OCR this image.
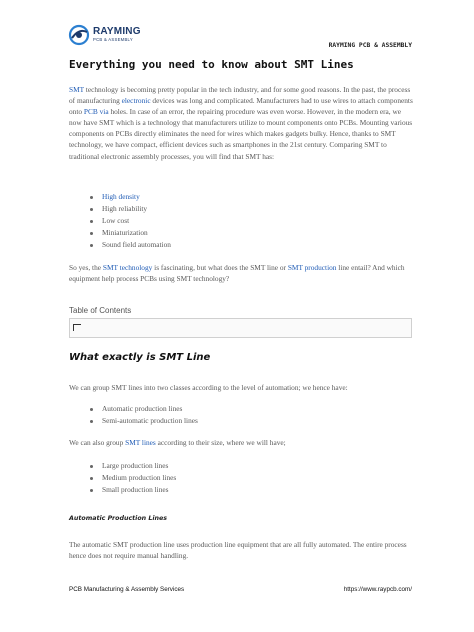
RAYMING
PCB & ASSEMBLY
RAYMING PCB & ASSEMBLY
Everything you need to know about SMT Lines
SMT technology is becoming pretty popular in the tech industry, and for some good reasons. In the past, the process of manufacturing electronic devices was long and complicated. Manufacturers had to use wires to attach components onto PCB via holes. In case of an error, the repairing procedure was even worse. However, in the modern era, we now have SMT which is a technology that manufacturers utilize to mount components onto PCBs. Mounting various components on PCBs directly eliminates the need for wires which makes gadgets bulky. Hence, thanks to SMT technology, we have compact, efficient devices such as smartphones in the 21st century. Comparing SMT to traditional electronic assembly processes, you will find that SMT has:
High density
High reliability
Low cost
Miniaturization
Sound field automation
So yes, the SMT technology is fascinating, but what does the SMT line or SMT production line entail? And which equipment help process PCBs using SMT technology?
Table of Contents
What exactly is SMT Line
We can group SMT lines into two classes according to the level of automation; we hence have:
Automatic production lines
Semi-automatic production lines
We can also group SMT lines according to their size, where we will have;
Large production lines
Medium production lines
Small production lines
Automatic Production Lines
The automatic SMT production line uses production line equipment that are all fully automated. The entire process hence does not require manual handling.
PCB Manufacturing & Assembly Services	https://www.raypcb.com/
